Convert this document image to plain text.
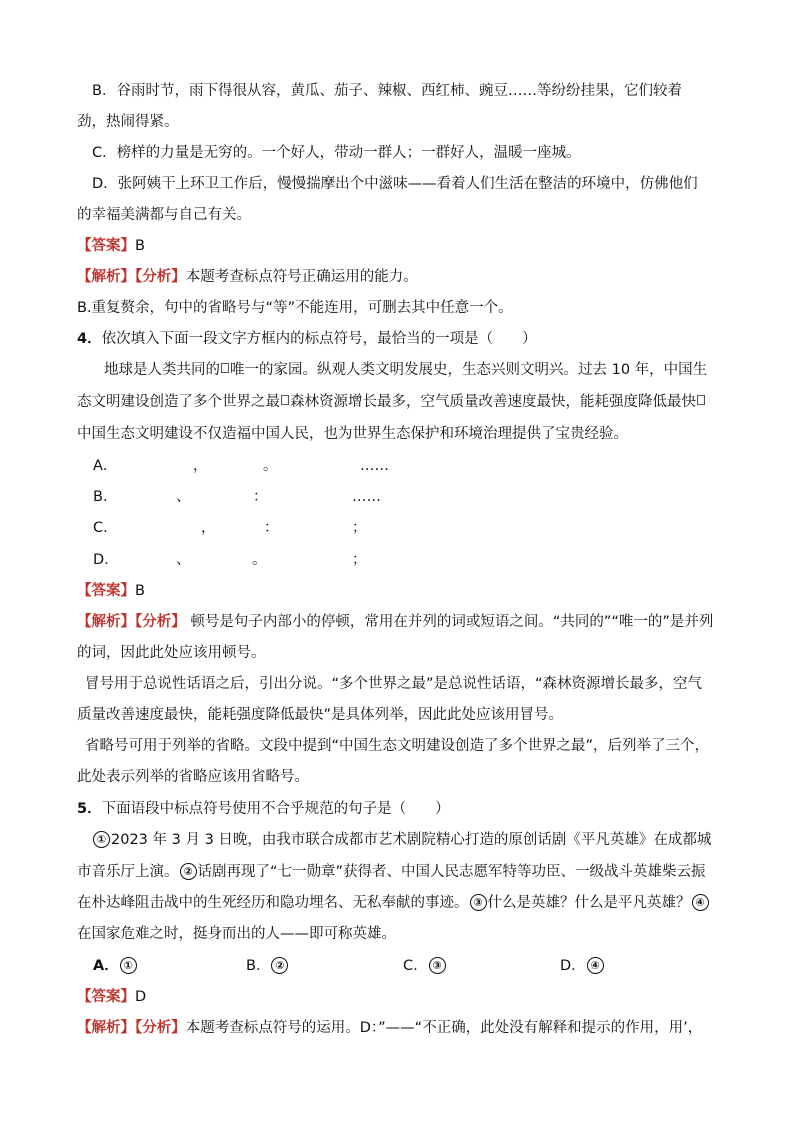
B．谷雨时节，雨下得很从容，黄瓜、茄子、辣椒、西红柿、豌豆……等纷纷挂果，它们较着
劲，热闹得紧。
C．榜样的力量是无穷的。一个好人，带动一群人；一群好人，温暖一座城。
D．张阿姨干上环卫工作后，慢慢揣摩出个中滋味——看着人们生活在整洁的环境中，仿佛他们
的幸福美满都与自己有关。
【答案】B
【解析】【分析】本题考查标点符号正确运用的能力。
B.重复赘余，句中的省略号与“等”不能连用，可删去其中任意一个。
4．依次填入下面一段文字方框内的标点符号，最恰当的一项是（　　）
地球是人类共同的 唯一的家园。纵观人类文明发展史，生态兴则文明兴。过去 10 年，中国生
态文明建设创造了多个世界之最 森林资源增长最多，空气质量改善速度最快，能耗强度降低最快
中国生态文明建设不仅造福中国人民，也为世界生态保护和环境治理提供了宝贵经验。
A．	，	。	……
B．	、	：	……
C．	，	：	；
D．	、	。	；
【答案】B
【解析】【分析】 顿号是句子内部小的停顿，常用在并列的词或短语之间。“共同的”“唯一的”是并列
的词，因此此处应该用顿号。
冒号用于总说性话语之后，引出分说。“多个世界之最”是总说性话语，“森林资源增长最多，空气
质量改善速度最快，能耗强度降低最快”是具体列举，因此此处应该用冒号。
省略号可用于列举的省略。文段中提到“中国生态文明建设创造了多个世界之最”，后列举了三个，
此处表示列举的省略应该用省略号。
5．下面语段中标点符号使用不合乎规范的句子是（　　）
① 2023 年 3 月 3 日晚，由我市联合成都市艺术剧院精心打造的原创话剧《平凡英雄》在成都城
市音乐厅上演。 ② 话剧再现了“七一勋章”获得者、中国人民志愿军特等功臣、一级战斗英雄柴云振
在朴达峰阻击战中的生死经历和隐功埋名、无私奉献的事迹。 ③ 什么是英雄？什么是平凡英雄？ ④
在国家危难之时，挺身而出的人——即可称英雄。
A． ①	B． ②	C． ③	D． ④
【答案】D
【解析】【分析】本题考查标点符号的运用。D：”——“不正确，此处没有解释和提示的作用，用’，
